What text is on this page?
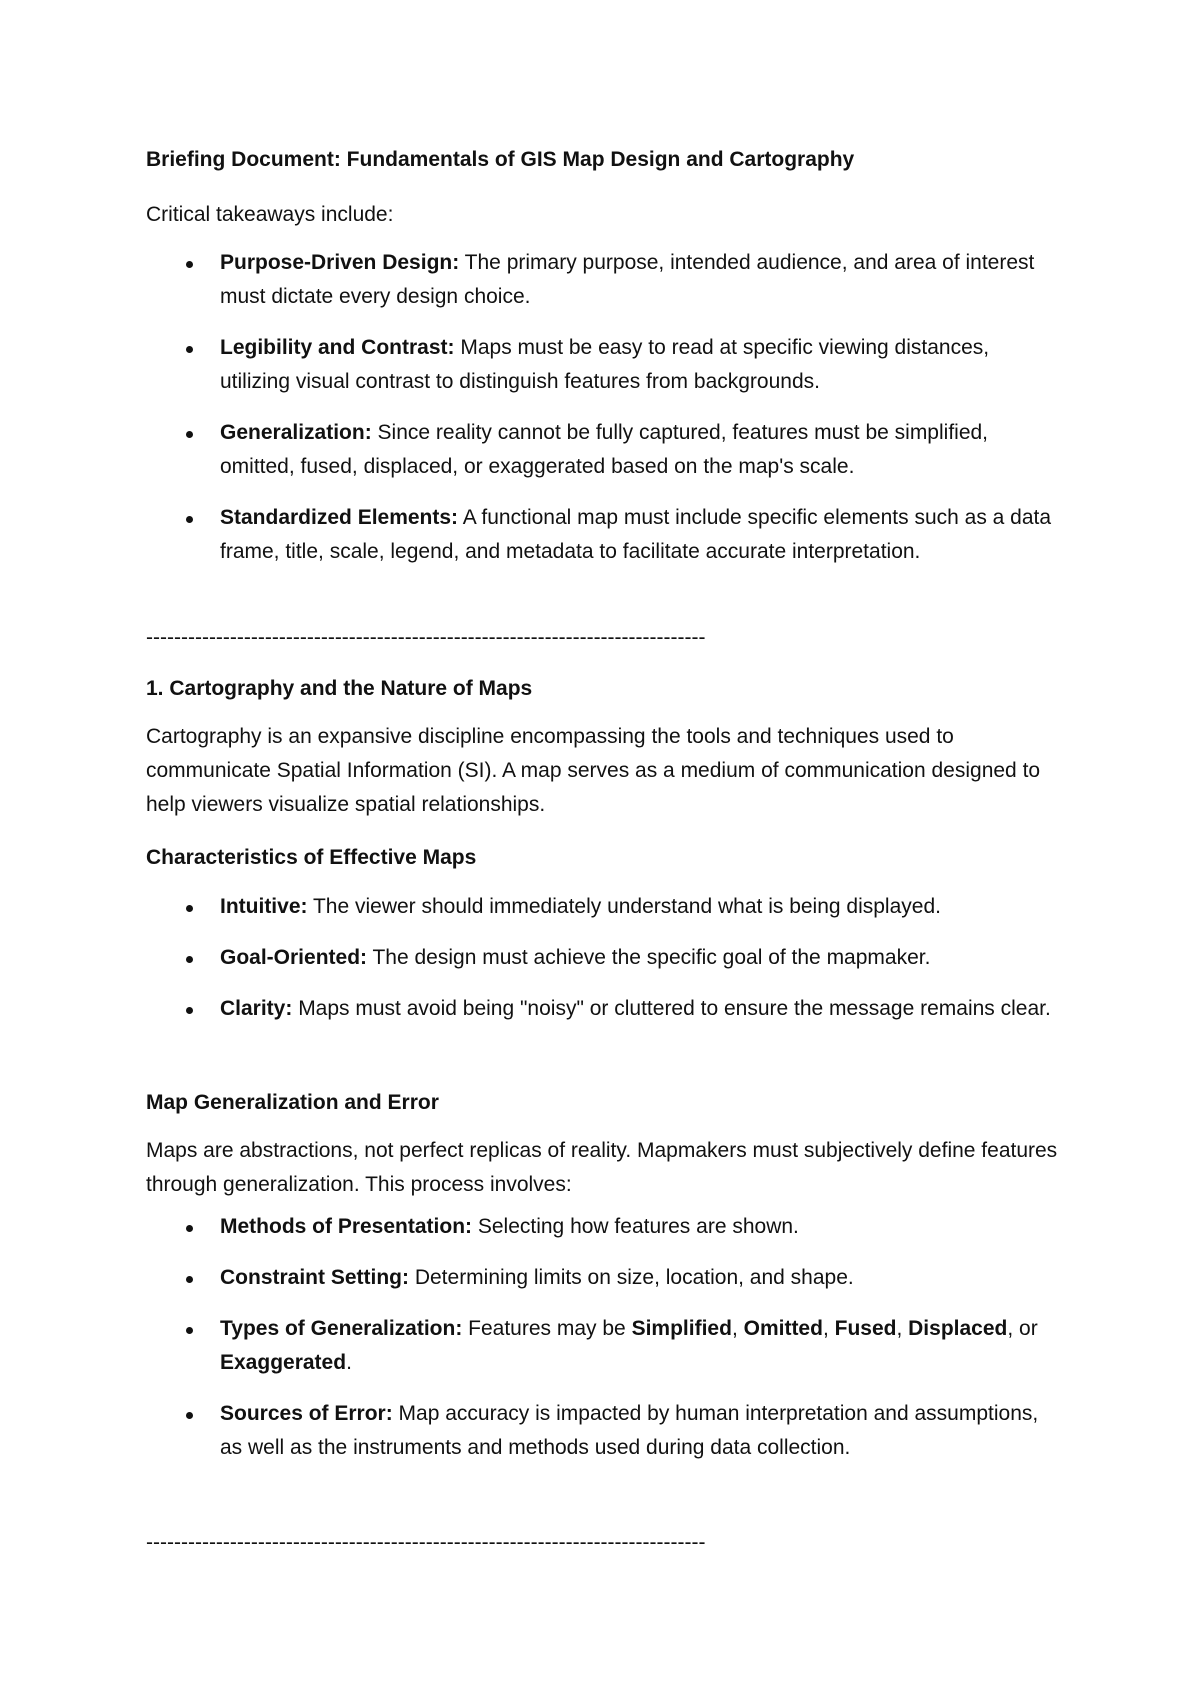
Briefing Document: Fundamentals of GIS Map Design and Cartography

Critical takeaways include:

Purpose-Driven Design: The primary purpose, intended audience, and area of interest must dictate every design choice.
Legibility and Contrast: Maps must be easy to read at specific viewing distances, utilizing visual contrast to distinguish features from backgrounds.
Generalization: Since reality cannot be fully captured, features must be simplified, omitted, fused, displaced, or exaggerated based on the map's scale.
Standardized Elements: A functional map must include specific elements such as a data frame, title, scale, legend, and metadata to facilitate accurate interpretation.

--------------------------------------------------------------------------------

1. Cartography and the Nature of Maps

Cartography is an expansive discipline encompassing the tools and techniques used to communicate Spatial Information (SI). A map serves as a medium of communication designed to help viewers visualize spatial relationships.

Characteristics of Effective Maps

Intuitive: The viewer should immediately understand what is being displayed.
Goal-Oriented: The design must achieve the specific goal of the mapmaker.
Clarity: Maps must avoid being "noisy" or cluttered to ensure the message remains clear.

Map Generalization and Error

Maps are abstractions, not perfect replicas of reality. Mapmakers must subjectively define features through generalization. This process involves:

Methods of Presentation: Selecting how features are shown.
Constraint Setting: Determining limits on size, location, and shape.
Types of Generalization: Features may be Simplified, Omitted, Fused, Displaced, or Exaggerated.
Sources of Error: Map accuracy is impacted by human interpretation and assumptions, as well as the instruments and methods used during data collection.

--------------------------------------------------------------------------------
